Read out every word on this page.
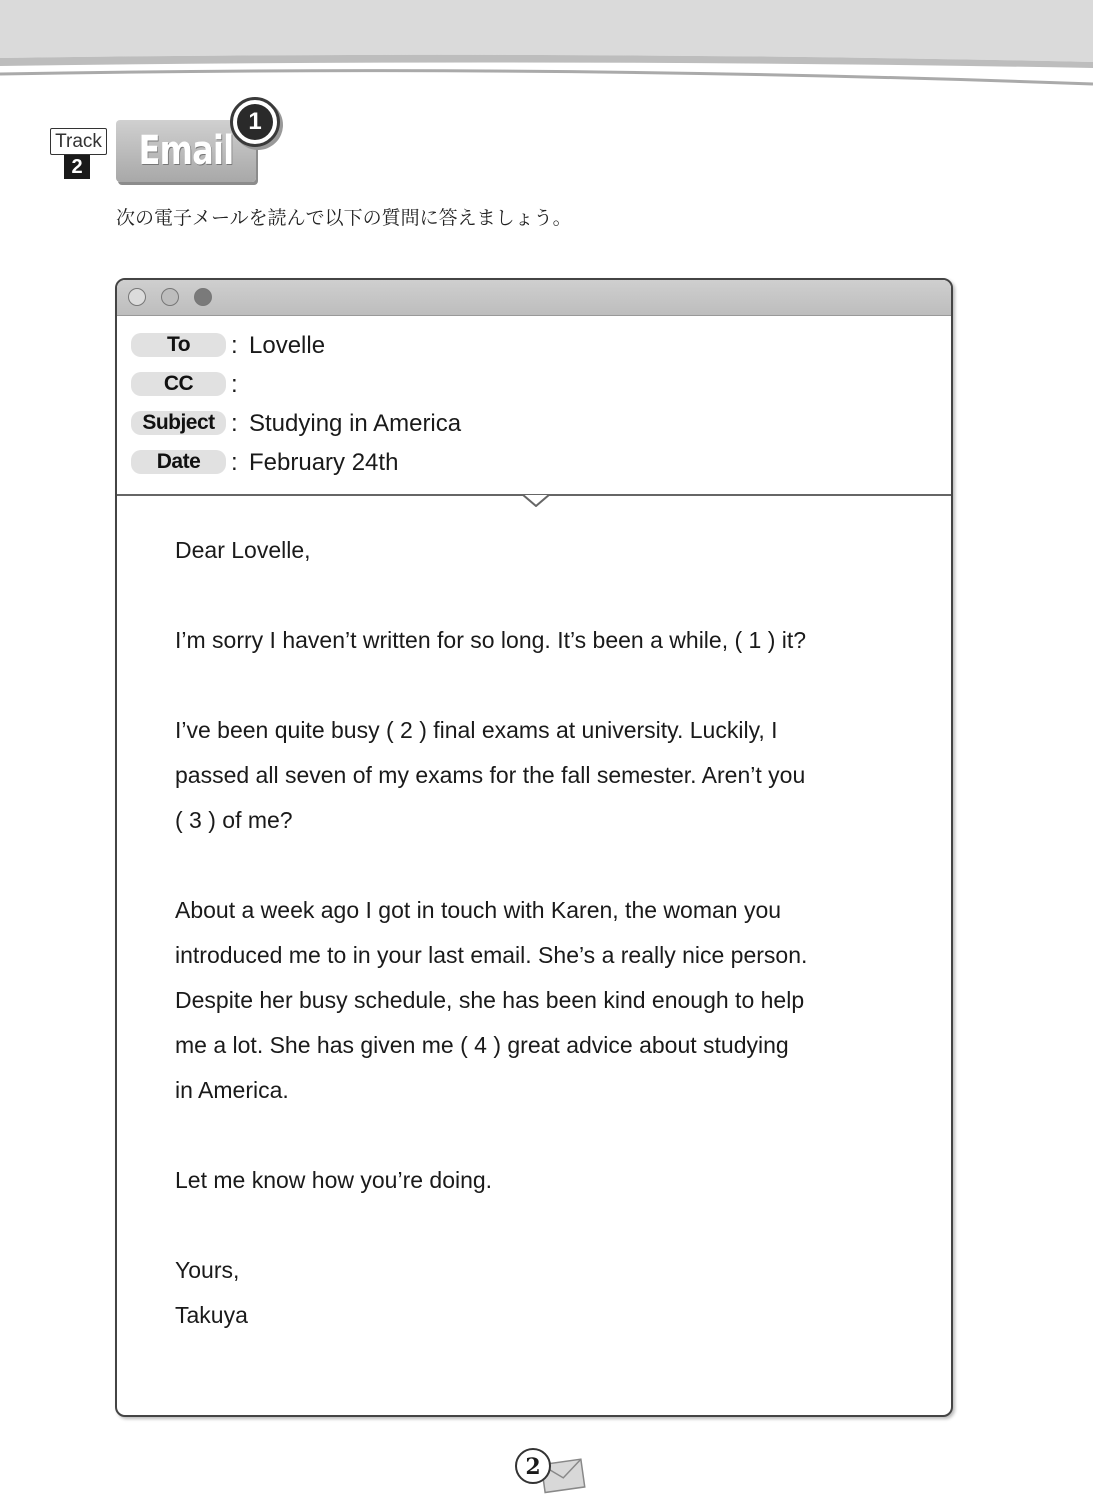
Track
2 Email
1
次の電子メールを読んで以下の質問に答えましょう。
To	: Lovelle
CC	:
Subject : Studying in America
Date	: February 24th
Dear Lovelle,
I’m sorry I haven’t written for so long. It’s been a while, ( 1 ) it?
I’ve been quite busy ( 2 ) final exams at university. Luckily, I
passed all seven of my exams for the fall semester. Aren’t you
( 3 ) of me?
About a week ago I got in touch with Karen, the woman you
introduced me to in your last email. She’s a really nice person.
Despite her busy schedule, she has been kind enough to help
me a lot. She has given me ( 4 ) great advice about studying
in America.
Let me know how you’re doing.
Yours,
Takuya
2
